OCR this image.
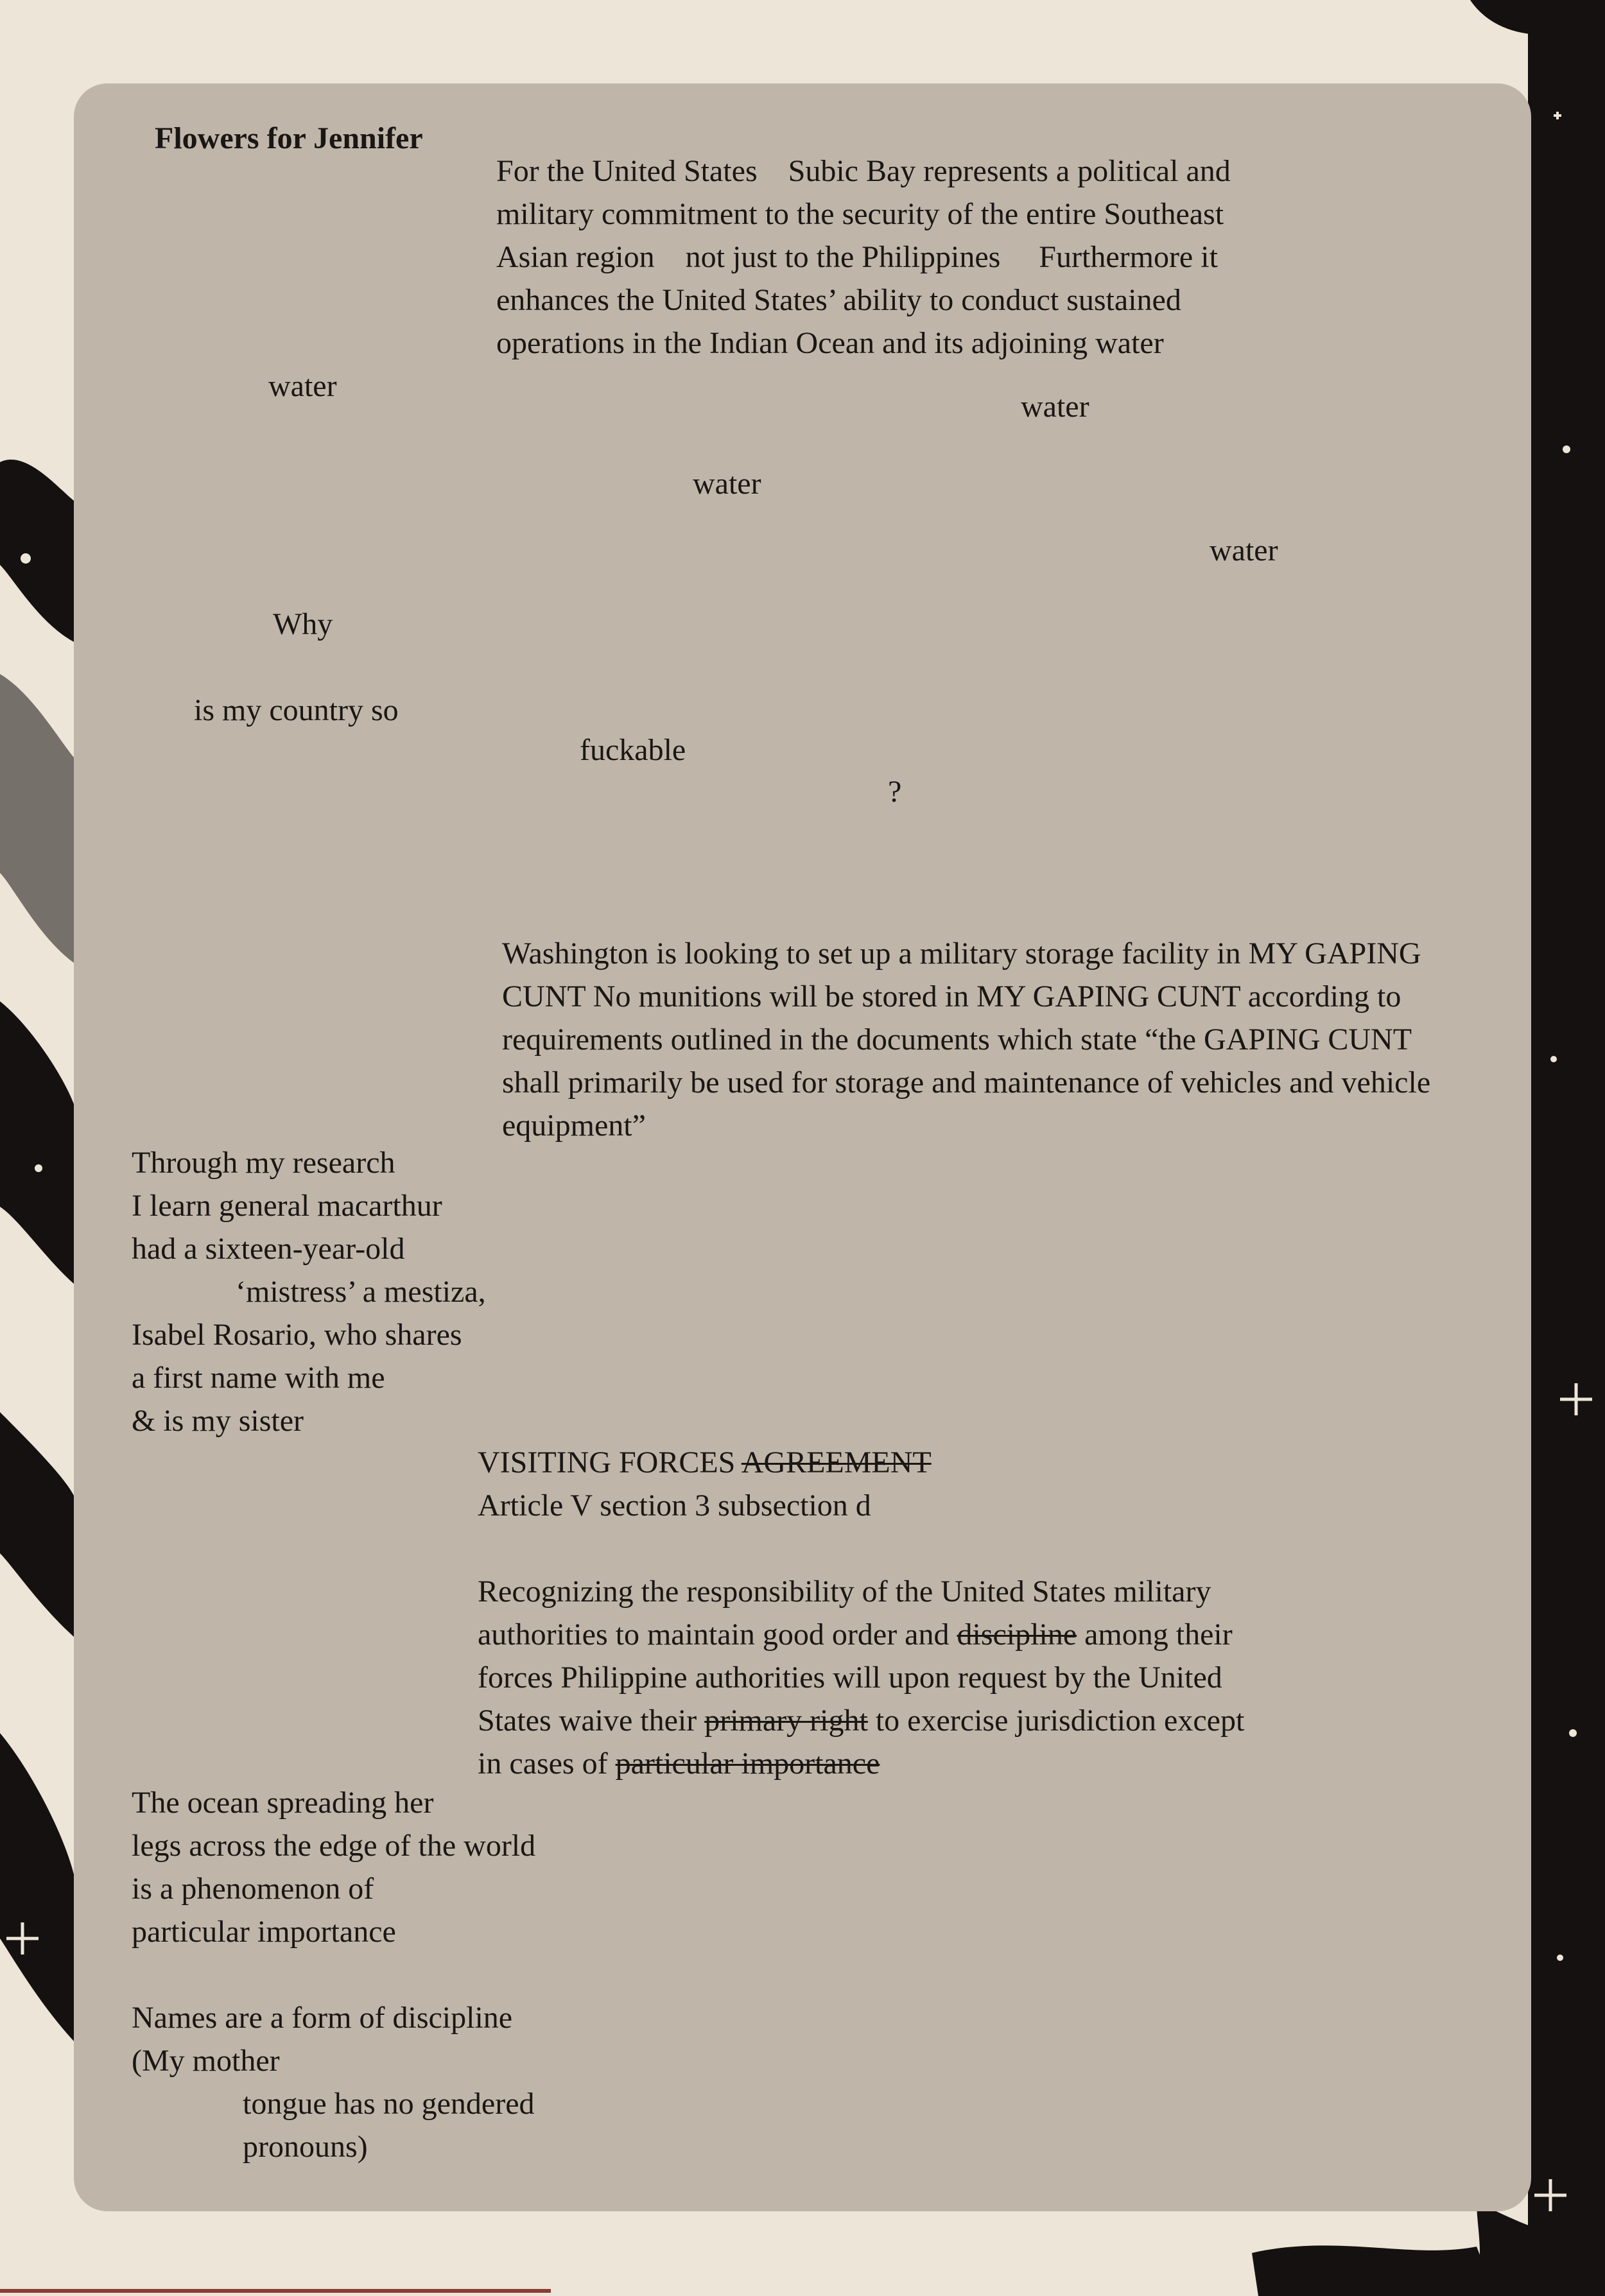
Flowers for Jennifer
For the United States    Subic Bay represents a political and
military commitment to the security of the entire Southeast
Asian region    not just to the Philippines     Furthermore it
enhances the United States’ ability to conduct sustained
operations in the Indian Ocean and its adjoining water
water
water
water
water
Why
is my country so
fuckable
?
Washington is looking to set up a military storage facility in MY GAPING
CUNT No munitions will be stored in MY GAPING CUNT according to
requirements outlined in the documents which state “the GAPING CUNT
shall primarily be used for storage and maintenance of vehicles and vehicle
equipment”
Through my research
I learn general macarthur
had a sixteen-year-old
‘mistress’ a mestiza,
Isabel Rosario, who shares
a first name with me
& is my sister
VISITING FORCES AGREEMENT
Article V section 3 subsection d
Recognizing the responsibility of the United States military
authorities to maintain good order and discipline among their
forces Philippine authorities will upon request by the United
States waive their primary right to exercise jurisdiction except
in cases of particular importance
The ocean spreading her
legs across the edge of the world
is a phenomenon of
particular importance
Names are a form of discipline
(My mother
tongue has no gendered
pronouns)
